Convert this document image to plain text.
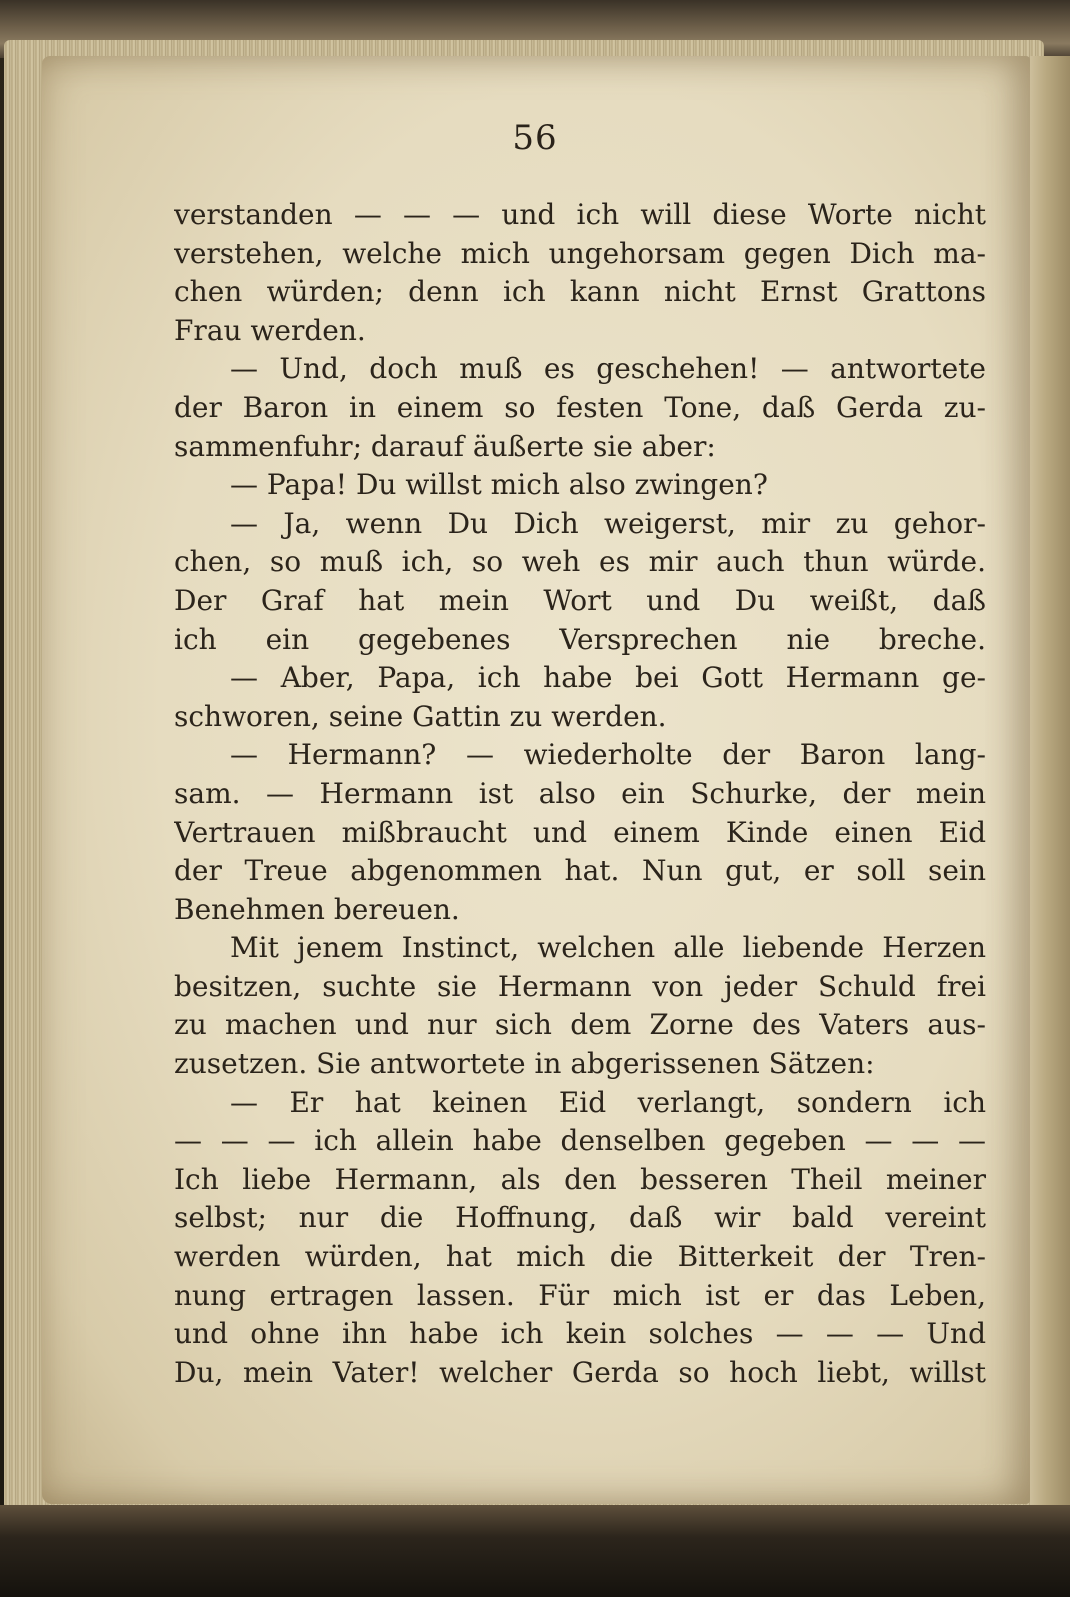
56
verstanden — — — und ich will diese Worte nicht
verstehen, welche mich ungehorsam gegen Dich ma-
chen würden; denn ich kann nicht Ernst Grattons
Frau werden.
— Und, doch muß es geschehen! — antwortete
der Baron in einem so festen Tone, daß Gerda zu-
sammenfuhr; darauf äußerte sie aber:
— Papa! Du willst mich also zwingen?
— Ja, wenn Du Dich weigerst, mir zu gehor-
chen, so muß ich, so weh es mir auch thun würde.
Der Graf hat mein Wort und Du weißt, daß
ich ein gegebenes Versprechen nie breche.
— Aber, Papa, ich habe bei Gott Hermann ge-
schworen, seine Gattin zu werden.
— Hermann? — wiederholte der Baron lang-
sam. — Hermann ist also ein Schurke, der mein
Vertrauen mißbraucht und einem Kinde einen Eid
der Treue abgenommen hat. Nun gut, er soll sein
Benehmen bereuen.
Mit jenem Instinct, welchen alle liebende Herzen
besitzen, suchte sie Hermann von jeder Schuld frei
zu machen und nur sich dem Zorne des Vaters aus-
zusetzen. Sie antwortete in abgerissenen Sätzen:
— Er hat keinen Eid verlangt, sondern ich
— — — ich allein habe denselben gegeben — — —
Ich liebe Hermann, als den besseren Theil meiner
selbst; nur die Hoffnung, daß wir bald vereint
werden würden, hat mich die Bitterkeit der Tren-
nung ertragen lassen. Für mich ist er das Leben,
und ohne ihn habe ich kein solches — — — Und
Du, mein Vater! welcher Gerda so hoch liebt, willst
